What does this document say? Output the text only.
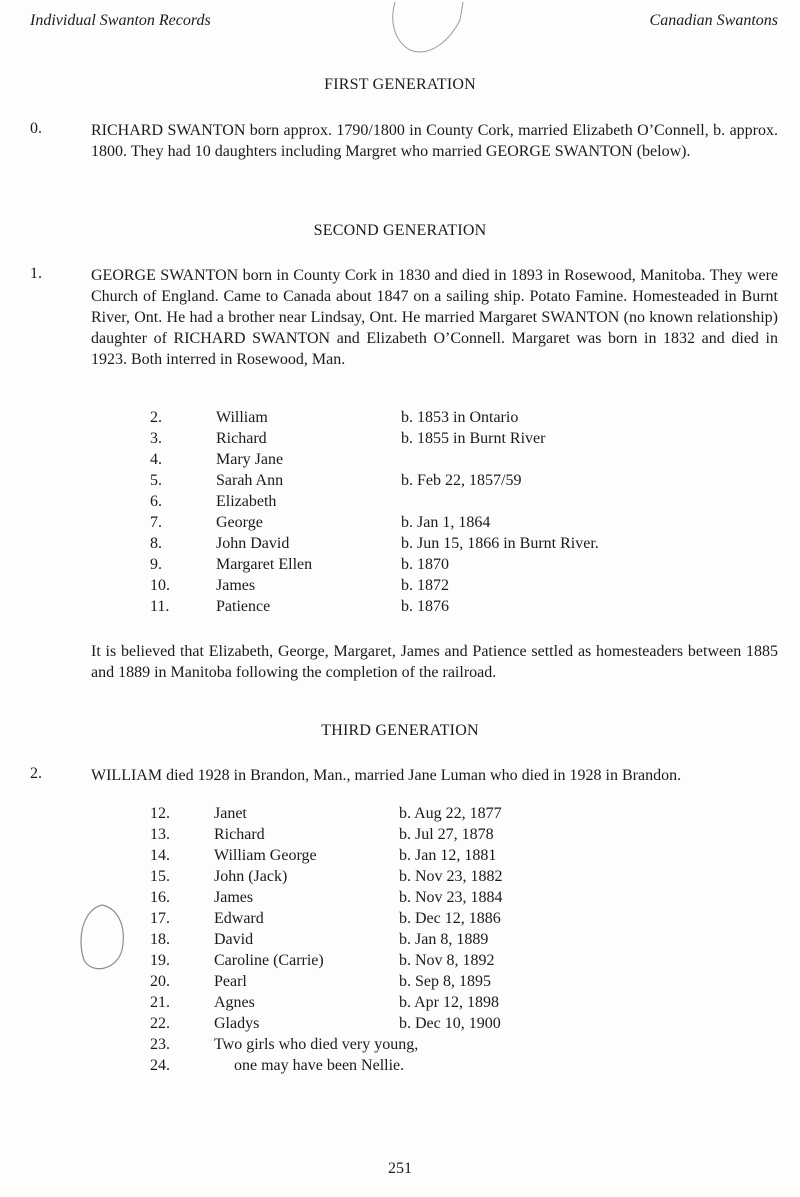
Individual Swanton Records	Canadian Swantons
FIRST GENERATION
0.	RICHARD SWANTON born approx. 1790/1800 in County Cork, married Elizabeth O’Connell, b. approx. 1800. They had 10 daughters including Margret who married GEORGE SWANTON (below).
SECOND GENERATION
1.	GEORGE SWANTON born in County Cork in 1830 and died in 1893 in Rosewood, Manitoba. They were Church of England. Came to Canada about 1847 on a sailing ship. Potato Famine. Homesteaded in Burnt River, Ont. He had a brother near Lindsay, Ont. He married Margaret SWANTON (no known relationship) daughter of RICHARD SWANTON and Elizabeth O’Connell. Margaret was born in 1832 and died in 1923. Both interred in Rosewood, Man.
2.	William	b. 1853 in Ontario
3.	Richard	b. 1855 in Burnt River
4.	Mary Jane
5.	Sarah Ann	b. Feb 22, 1857/59
6.	Elizabeth
7.	George	b. Jan 1, 1864
8.	John David	b. Jun 15, 1866 in Burnt River.
9.	Margaret Ellen	b. 1870
10.	James	b. 1872
11.	Patience	b. 1876
It is believed that Elizabeth, George, Margaret, James and Patience settled as homesteaders between 1885 and 1889 in Manitoba following the completion of the railroad.
THIRD GENERATION
2.	WILLIAM died 1928 in Brandon, Man., married Jane Luman who died in 1928 in Brandon.
12.	Janet	b. Aug 22, 1877
13.	Richard	b. Jul 27, 1878
14.	William George	b. Jan 12, 1881
15.	John (Jack)	b. Nov 23, 1882
16.	James	b. Nov 23, 1884
17.	Edward	b. Dec 12, 1886
18.	David	b. Jan 8, 1889
19.	Caroline (Carrie)	b. Nov 8, 1892
20.	Pearl	b. Sep 8, 1895
21.	Agnes	b. Apr 12, 1898
22.	Gladys	b. Dec 10, 1900
23.	Two girls who died very young,
24.	one may have been Nellie.
251
